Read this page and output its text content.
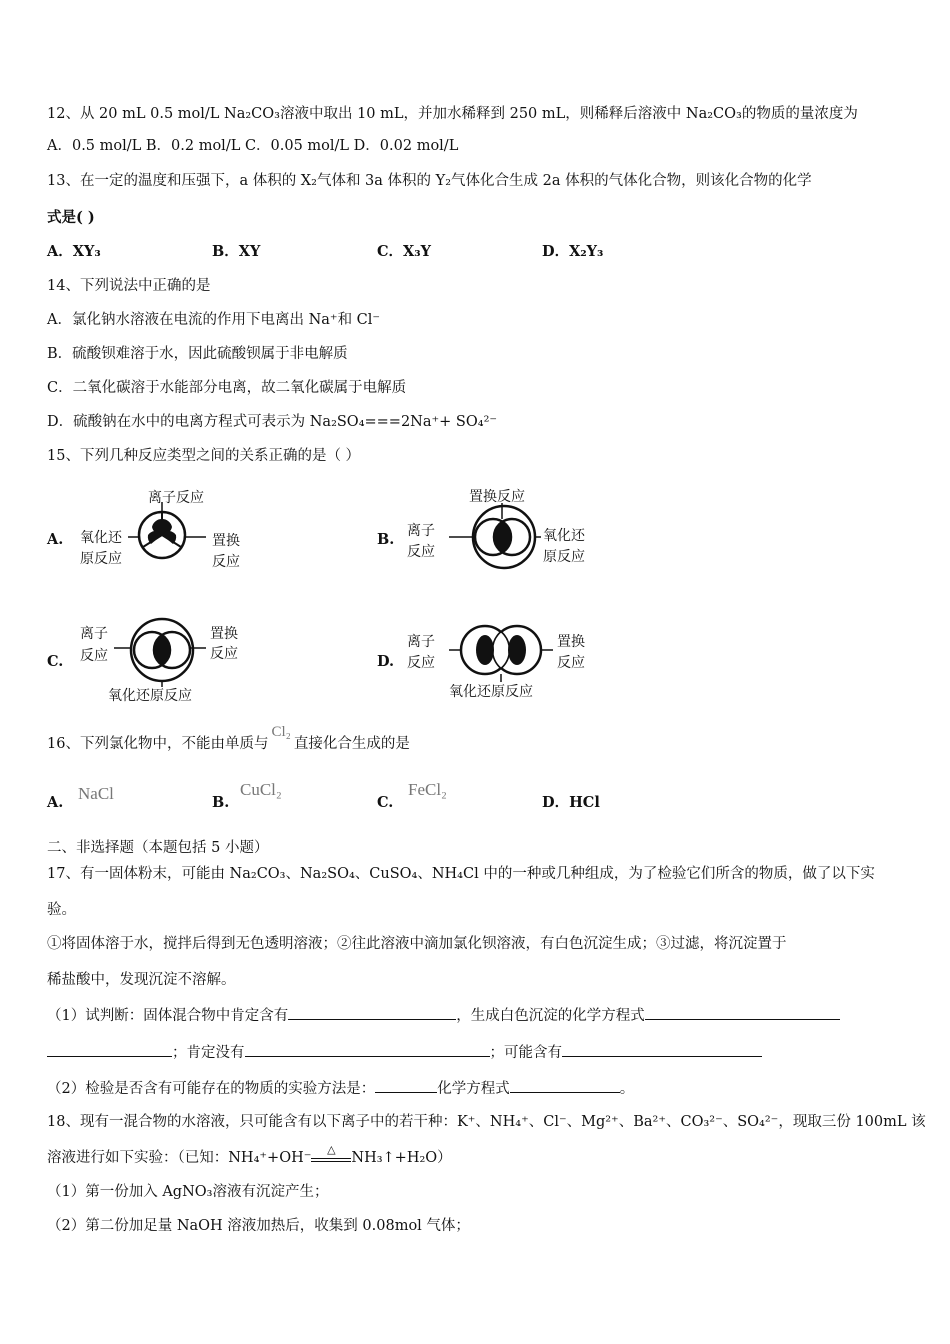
12、从 20 mL 0.5 mol/L Na₂CO₃溶液中取出 10 mL，并加水稀释到 250 mL，则稀释后溶液中 Na₂CO₃的物质的量浓度为
A．0.5 mol/L B．0.2 mol/L C．0.05 mol/L D．0.02 mol/L
13、在一定的温度和压强下，a 体积的 X₂气体和 3a 体积的 Y₂气体化合生成 2a 体积的气体化合物，则该化合物的化学
式是( )
A．XY₃	B．XY	C．X₃Y	D．X₂Y₃
14、下列说法中正确的是
A．氯化钠水溶液在电流的作用下电离出 Na⁺和 Cl⁻
B．硫酸钡难溶于水，因此硫酸钡属于非电解质
C．二氧化碳溶于水能部分电离，故二氧化碳属于电解质
D．硫酸钠在水中的电离方程式可表示为 Na₂SO₄===2Na⁺+ SO₄²⁻
15、下列几种反应类型之间的关系正确的是（ ）
A.
离子反应
氧化还
原反应
置换
反应
B.
置换反应
离子
反应
氧化还
原反应
C.
离子
反应
置换
反应
氧化还原反应
D.
离子
反应
置换
反应
氧化还原反应
16、下列氯化物中，不能由单质与Cl₂直接化合生成的是
A. NaCl	B.
CuCl₂
C.
FeCl₂
D．HCl
二、非选择题（本题包括 5 小题）
17、有一固体粉末，可能由 Na₂CO₃、Na₂SO₄、CuSO₄、NH₄Cl 中的一种或几种组成，为了检验它们所含的物质，做了以下实
验。
①将固体溶于水，搅拌后得到无色透明溶液；②往此溶液中滴加氯化钡溶液，有白色沉淀生成；③过滤，将沉淀置于
稀盐酸中，发现沉淀不溶解。
（1）试判断：固体混合物中肯定含有	，生成白色沉淀的化学方程式
；肯定没有	；可能含有
（2）检验是否含有可能存在的物质的实验方法是：	化学方程式	。
18、现有一混合物的水溶液，只可能含有以下离子中的若干种：K⁺、NH₄⁺、Cl⁻、Mg²⁺、Ba²⁺、CO₃²⁻、SO₄²⁻，现取三份 100mL 该
溶液进行如下实验：（已知：NH₄⁺+OH⁻
△
NH₃↑+H₂O）
（1）第一份加入 AgNO₃溶液有沉淀产生；
（2）第二份加足量 NaOH 溶液加热后，收集到 0.08mol 气体；
